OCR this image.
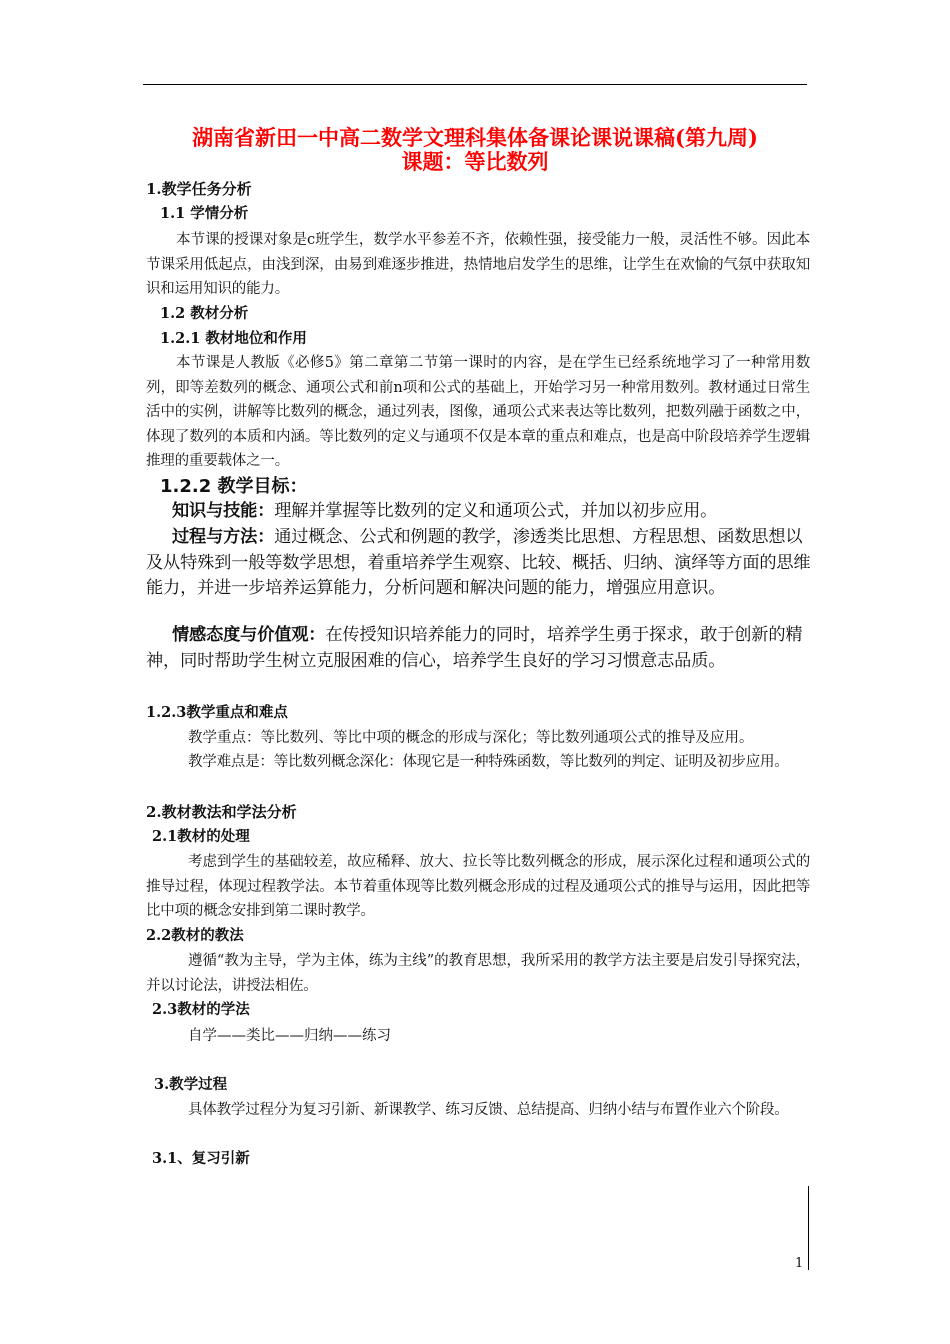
湖南省新田一中高二数学文理科集体备课论课说课稿(第九周)
课题：等比数列
1.教学任务分析
1.1 学情分析
本节课的授课对象是c班学生，数学水平参差不齐，依赖性强，接受能力一般，灵活性不够。因此本节课采用低起点，由浅到深，由易到难逐步推进，热情地启发学生的思维，让学生在欢愉的气氛中获取知识和运用知识的能力。
1.2 教材分析
1.2.1 教材地位和作用
本节课是人教版《必修5》第二章第二节第一课时的内容，是在学生已经系统地学习了一种常用数列，即等差数列的概念、通项公式和前n项和公式的基础上，开始学习另一种常用数列。教材通过日常生活中的实例，讲解等比数列的概念，通过列表，图像，通项公式来表达等比数列，把数列融于函数之中，体现了数列的本质和内涵。等比数列的定义与通项不仅是本章的重点和难点，也是高中阶段培养学生逻辑推理的重要载体之一。
1.2.2 教学目标：
知识与技能：理解并掌握等比数列的定义和通项公式，并加以初步应用。
过程与方法：通过概念、公式和例题的教学，渗透类比思想、方程思想、函数思想以及从特殊到一般等数学思想，着重培养学生观察、比较、概括、归纳、演绎等方面的思维能力，并进一步培养运算能力，分析问题和解决问题的能力，增强应用意识。
情感态度与价值观：在传授知识培养能力的同时，培养学生勇于探求，敢于创新的精神，同时帮助学生树立克服困难的信心，培养学生良好的学习习惯意志品质。
1.2.3教学重点和难点
教学重点：等比数列、等比中项的概念的形成与深化；等比数列通项公式的推导及应用。
教学难点是：等比数列概念深化：体现它是一种特殊函数，等比数列的判定、证明及初步应用。
2.教材教法和学法分析
2.1教材的处理
考虑到学生的基础较差，故应稀释、放大、拉长等比数列概念的形成，展示深化过程和通项公式的推导过程，体现过程教学法。本节着重体现等比数列概念形成的过程及通项公式的推导与运用，因此把等比中项的概念安排到第二课时教学。
2.2教材的教法
遵循“教为主导，学为主体，练为主线”的教育思想，我所采用的教学方法主要是启发引导探究法，并以讨论法，讲授法相佐。
2.3教材的学法
自学——类比——归纳——练习
3.教学过程
具体教学过程分为复习引新、新课教学、练习反馈、总结提高、归纳小结与布置作业六个阶段。
3.1、复习引新
1
